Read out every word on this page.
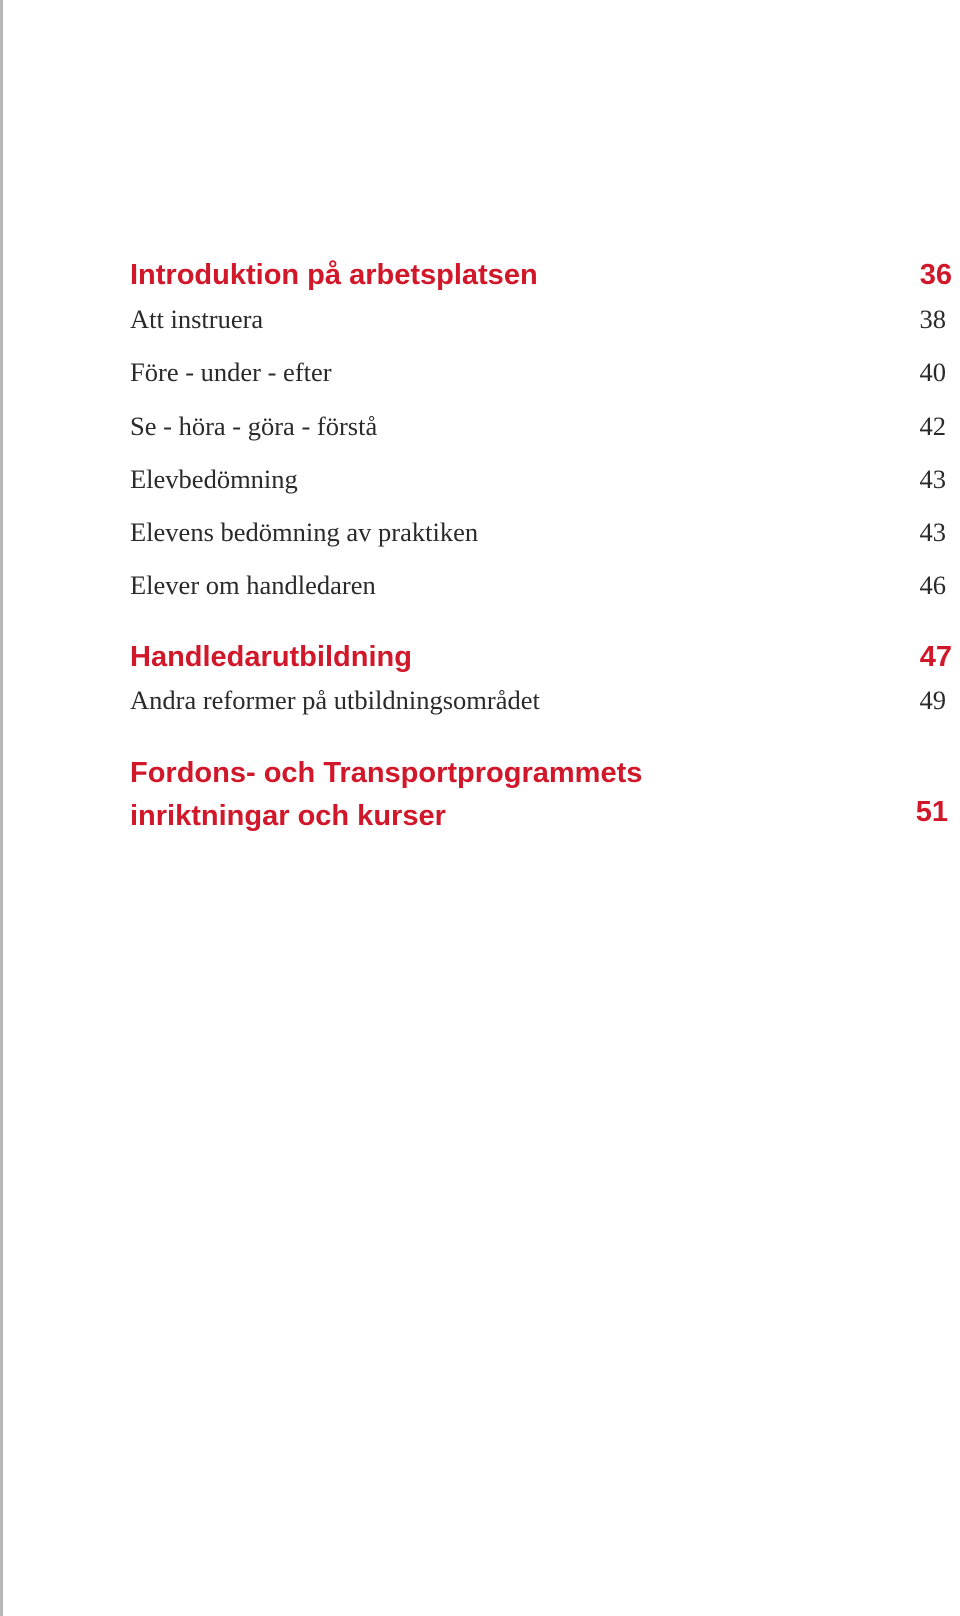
Introduktion på arbetsplatsen	36
Att instruera	38
Före - under - efter	40
Se - höra - göra - förstå	42
Elevbedömning	43
Elevens bedömning av praktiken	43
Elever om handledaren	46
Handledarutbildning	47
Andra reformer på utbildningsområdet	49
Fordons- och Transportprogrammets
inriktningar och kurser	51
